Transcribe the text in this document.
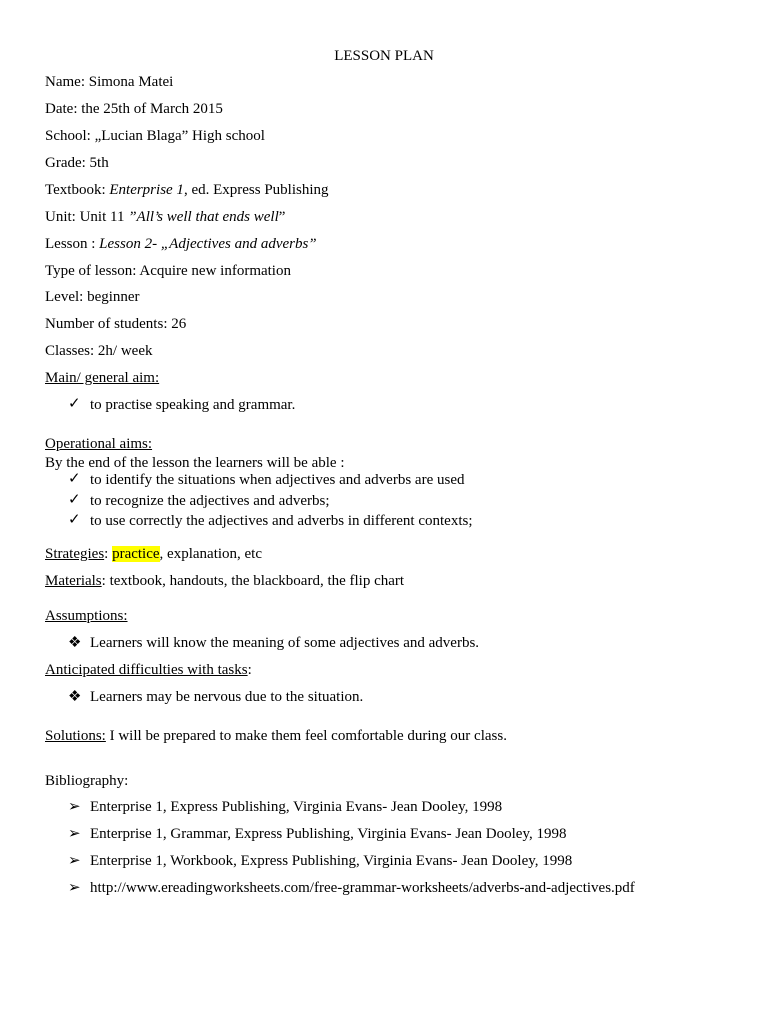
LESSON PLAN
Name: Simona Matei
Date: the 25th of March 2015
School: „Lucian Blaga” High school
Grade: 5th
Textbook: Enterprise 1, ed. Express Publishing
Unit: Unit 11 ”All’s well that ends well”
Lesson : Lesson 2- „Adjectives and adverbs”
Type of lesson: Acquire new information
Level: beginner
Number of students: 26
Classes: 2h/ week
Main/ general aim:
✓ to practise speaking and grammar.
Operational aims:
By the end of the lesson the learners will be able :
✓ to identify the situations when adjectives and adverbs are used
✓ to recognize the adjectives and adverbs;
✓ to use correctly the adjectives and adverbs in different contexts;
Strategies: practice, explanation, etc
Materials: textbook, handouts, the blackboard, the flip chart
Assumptions:
❖ Learners will know the meaning of some adjectives and adverbs.
Anticipated difficulties with tasks:
❖ Learners may be nervous due to the situation.
Solutions: I will be prepared to make them feel comfortable during our class.
Bibliography:
➢ Enterprise 1, Express Publishing, Virginia Evans- Jean Dooley, 1998
➢ Enterprise 1, Grammar, Express Publishing, Virginia Evans- Jean Dooley, 1998
➢ Enterprise 1, Workbook, Express Publishing, Virginia Evans- Jean Dooley, 1998
➢ http://www.ereadingworksheets.com/free-grammar-worksheets/adverbs-and-adjectives.pdf
